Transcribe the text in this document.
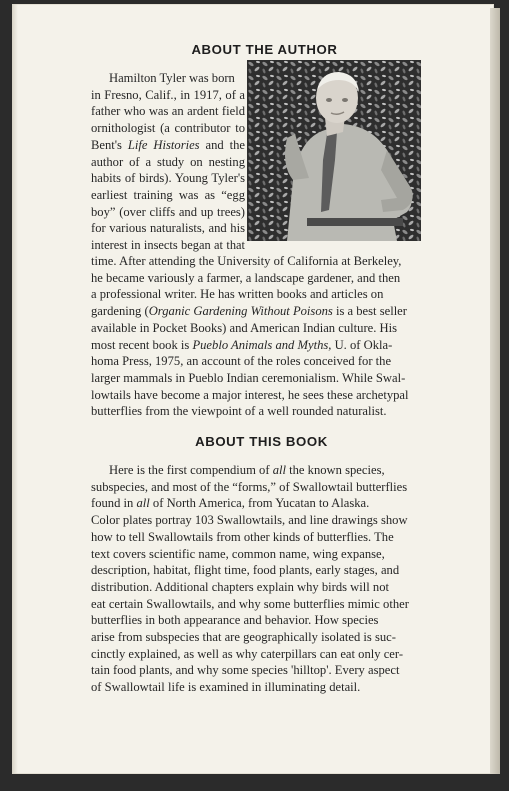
ABOUT THE AUTHOR
Hamilton Tyler was born
in Fresno, Calif., in 1917, of a
father who was an ardent field
ornithologist (a contributor to
Bent's Life Histories and the
author of a study on nesting
habits of birds). Young Tyler's
earliest training was as “egg
boy” (over cliffs and up trees)
for various naturalists, and his
interest in insects began at that
time. After attending the University of California at Berkeley,
he became variously a farmer, a landscape gardener, and then
a professional writer. He has written books and articles on
gardening (Organic Gardening Without Poisons is a best seller
available in Pocket Books) and American Indian culture. His
most recent book is Pueblo Animals and Myths, U. of Okla-
homa Press, 1975, an account of the roles conceived for the
larger mammals in Pueblo Indian ceremonialism. While Swal-
lowtails have become a major interest, he sees these archetypal
butterflies from the viewpoint of a well rounded naturalist.
ABOUT THIS BOOK
Here is the first compendium of all the known species,
subspecies, and most of the “forms,” of Swallowtail butterflies
found in all of North America, from Yucatan to Alaska.
Color plates portray 103 Swallowtails, and line drawings show
how to tell Swallowtails from other kinds of butterflies. The
text covers scientific name, common name, wing expanse,
description, habitat, flight time, food plants, early stages, and
distribution. Additional chapters explain why birds will not
eat certain Swallowtails, and why some butterflies mimic other
butterflies in both appearance and behavior. How species
arise from subspecies that are geographically isolated is suc-
cinctly explained, as well as why caterpillars can eat only cer-
tain food plants, and why some species 'hilltop'. Every aspect
of Swallowtail life is examined in illuminating detail.
